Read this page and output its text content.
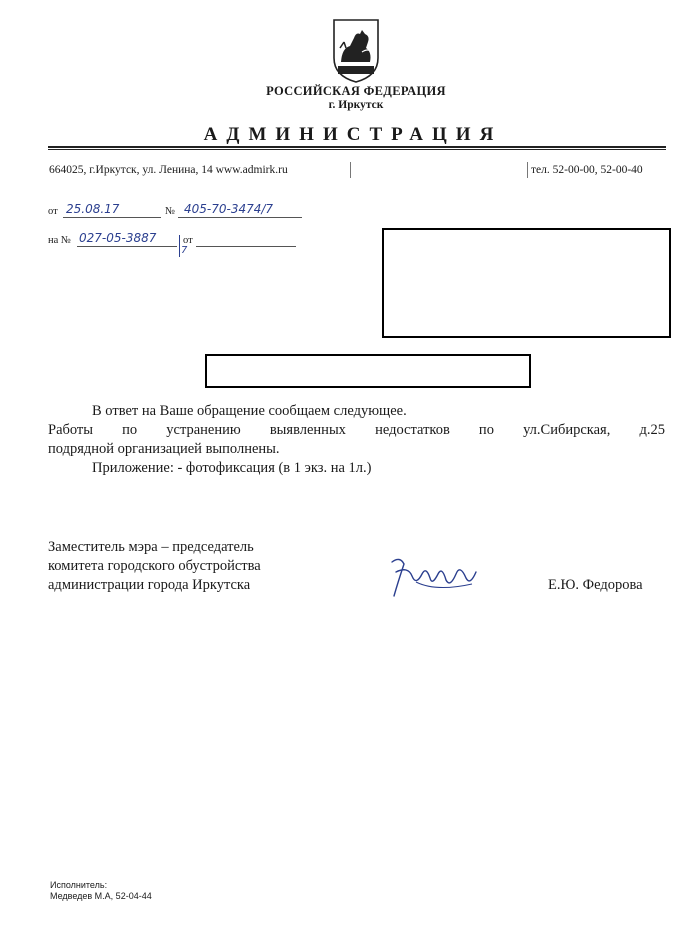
РОССИЙСКАЯ ФЕДЕРАЦИЯ
г. Иркутск
АДМИНИСТРАЦИЯ
664025, г.Иркутск, ул. Ленина, 14 www.admirk.ru	тел. 52-00-00, 52-00-40
от 25.08.17	№ 405-70-3474/7
на № 027-05-3887
7
от
В ответ на Ваше обращение сообщаем следующее.
Работы по устранению выявленных недостатков по ул.Сибирская, д.25
подрядной организацией выполнены.
Приложение: - фотофиксация (в 1 экз. на 1л.)
Заместитель мэра – председатель
комитета городского обустройства
администрации города Иркутска	Е.Ю. Федорова
Исполнитель:
Медведев М.А, 52-04-44
